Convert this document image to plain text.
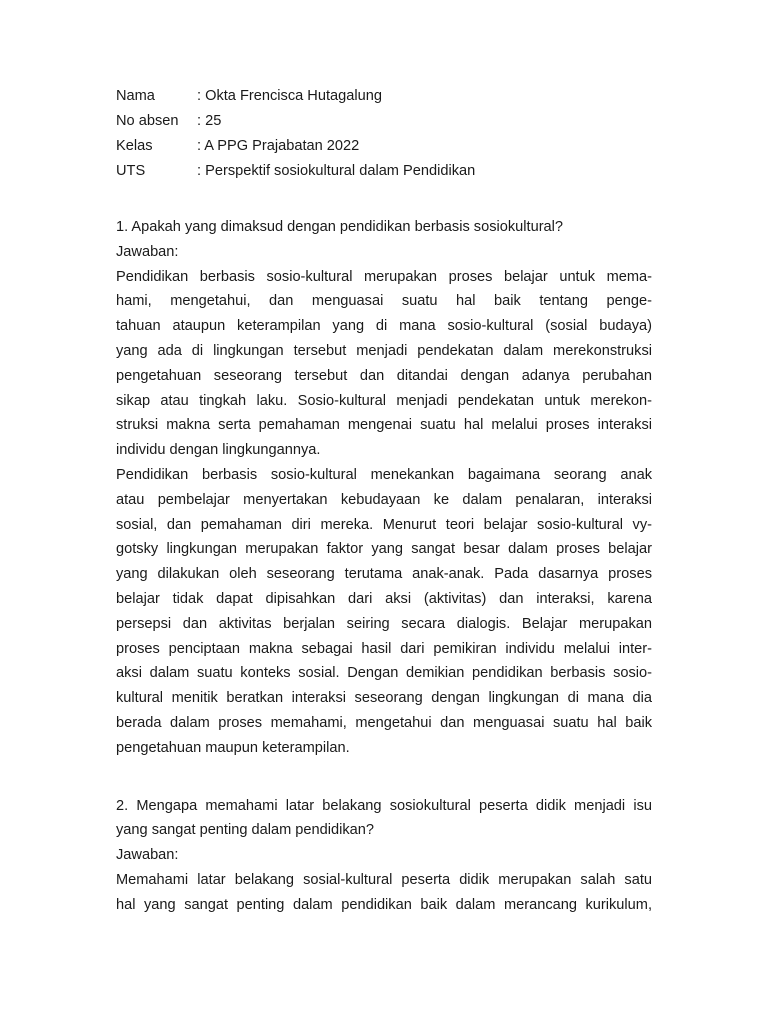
Nama	: Okta Frencisca Hutagalung
No absen	: 25
Kelas	: A PPG Prajabatan 2022
UTS	: Perspektif sosiokultural dalam Pendidikan
1. Apakah yang dimaksud dengan pendidikan berbasis sosiokultural?
Jawaban:
Pendidikan berbasis sosio-kultural merupakan proses belajar untuk mema-
hami, mengetahui, dan menguasai suatu hal baik tentang penge-
tahuan ataupun keterampilan yang di mana sosio-kultural (sosial budaya)
yang ada di lingkungan tersebut menjadi pendekatan dalam merekonstruksi
pengetahuan seseorang tersebut dan ditandai dengan adanya perubahan
sikap atau tingkah laku. Sosio-kultural menjadi pendekatan untuk merekon-
struksi makna serta pemahaman mengenai suatu hal melalui proses interaksi
individu dengan lingkungannya.
Pendidikan berbasis sosio-kultural menekankan bagaimana seorang anak
atau pembelajar menyertakan kebudayaan ke dalam penalaran, interaksi
sosial, dan pemahaman diri mereka. Menurut teori belajar sosio-kultural vy-
gotsky lingkungan merupakan faktor yang sangat besar dalam proses belajar
yang dilakukan oleh seseorang terutama anak-anak. Pada dasarnya proses
belajar tidak dapat dipisahkan dari aksi (aktivitas) dan interaksi, karena
persepsi dan aktivitas berjalan seiring secara dialogis. Belajar merupakan
proses penciptaan makna sebagai hasil dari pemikiran individu melalui inter-
aksi dalam suatu konteks sosial. Dengan demikian pendidikan berbasis sosio-
kultural menitik beratkan interaksi seseorang dengan lingkungan di mana dia
berada dalam proses memahami, mengetahui dan menguasai suatu hal baik
pengetahuan maupun keterampilan.
2. Mengapa memahami latar belakang sosiokultural peserta didik menjadi isu
yang sangat penting dalam pendidikan?
Jawaban:
Memahami latar belakang sosial-kultural peserta didik merupakan salah satu
hal yang sangat penting dalam pendidikan baik dalam merancang kurikulum,
